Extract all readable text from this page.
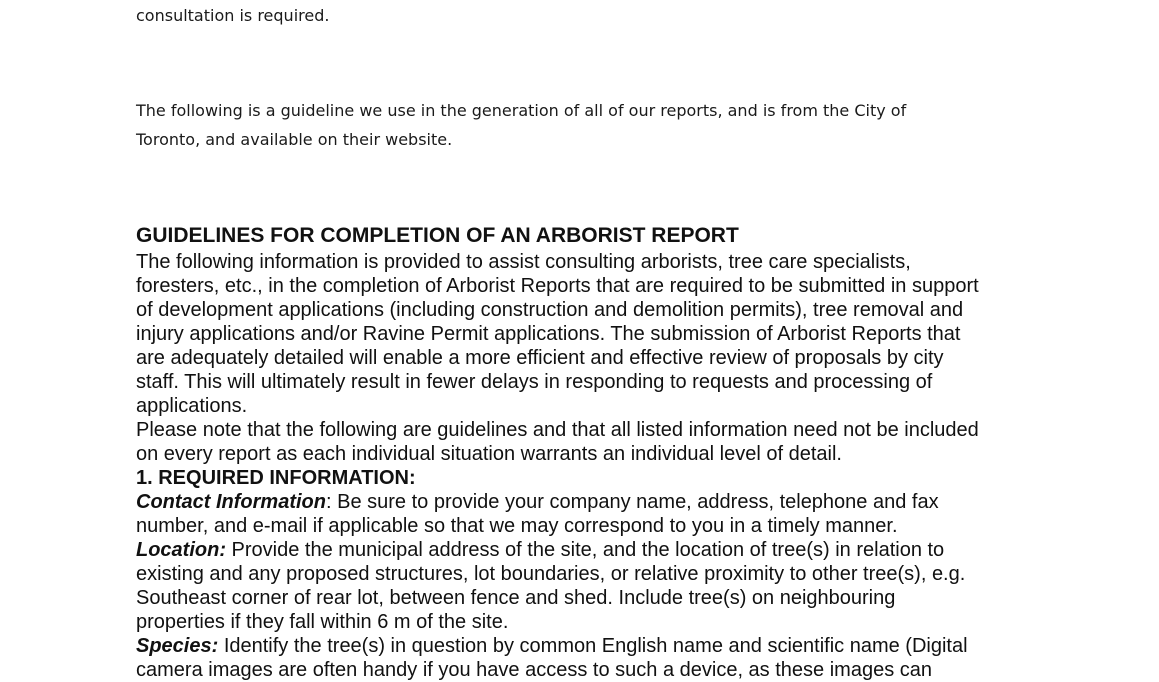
consultation is required.
The following is a guideline we use in the generation of all of our reports, and is from the City of
Toronto, and available on their website.
GUIDELINES FOR COMPLETION OF AN ARBORIST REPORT
The following information is provided to assist consulting arborists, tree care specialists,
foresters, etc., in the completion of Arborist Reports that are required to be submitted in support
of development applications (including construction and demolition permits), tree removal and
injury applications and/or Ravine Permit applications. The submission of Arborist Reports that
are adequately detailed will enable a more efficient and effective review of proposals by city
staff. This will ultimately result in fewer delays in responding to requests and processing of
applications.
Please note that the following are guidelines and that all listed information need not be included
on every report as each individual situation warrants an individual level of detail.
1. REQUIRED INFORMATION:
Contact Information: Be sure to provide your company name, address, telephone and fax
number, and e-mail if applicable so that we may correspond to you in a timely manner.
Location: Provide the municipal address of the site, and the location of tree(s) in relation to
existing and any proposed structures, lot boundaries, or relative proximity to other tree(s), e.g.
Southeast corner of rear lot, between fence and shed. Include tree(s) on neighbouring
properties if they fall within 6 m of the site.
Species: Identify the tree(s) in question by common English name and scientific name (Digital
camera images are often handy if you have access to such a device, as these images can
